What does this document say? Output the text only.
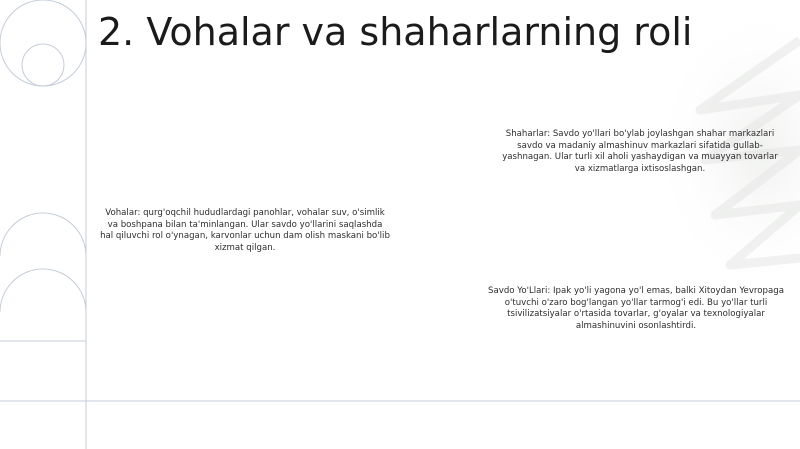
2. Vohalar va shaharlarning roli

Shaharlar: Savdo yo'llari bo'ylab joylashgan shahar markazlari savdo va madaniy almashinuv markazlari sifatida gullab-yashnagan. Ular turli xil aholi yashaydigan va muayyan tovarlar va xizmatlarga ixtisoslashgan.

Vohalar: qurg'oqchil hududlardagi panohlar, vohalar suv, o'simlik va boshpana bilan ta'minlangan. Ular savdo yo'llarini saqlashda hal qiluvchi rol o'ynagan, karvonlar uchun dam olish maskani bo'lib xizmat qilgan.

Savdo Yo'Llari: Ipak yo'li yagona yo'l emas, balki Xitoydan Yevropaga o'tuvchi o'zaro bog'langan yo'llar tarmog'i edi. Bu yo'llar turli tsivilizatsiyalar o'rtasida tovarlar, g'oyalar va texnologiyalar almashinuvini osonlashtirdi.
